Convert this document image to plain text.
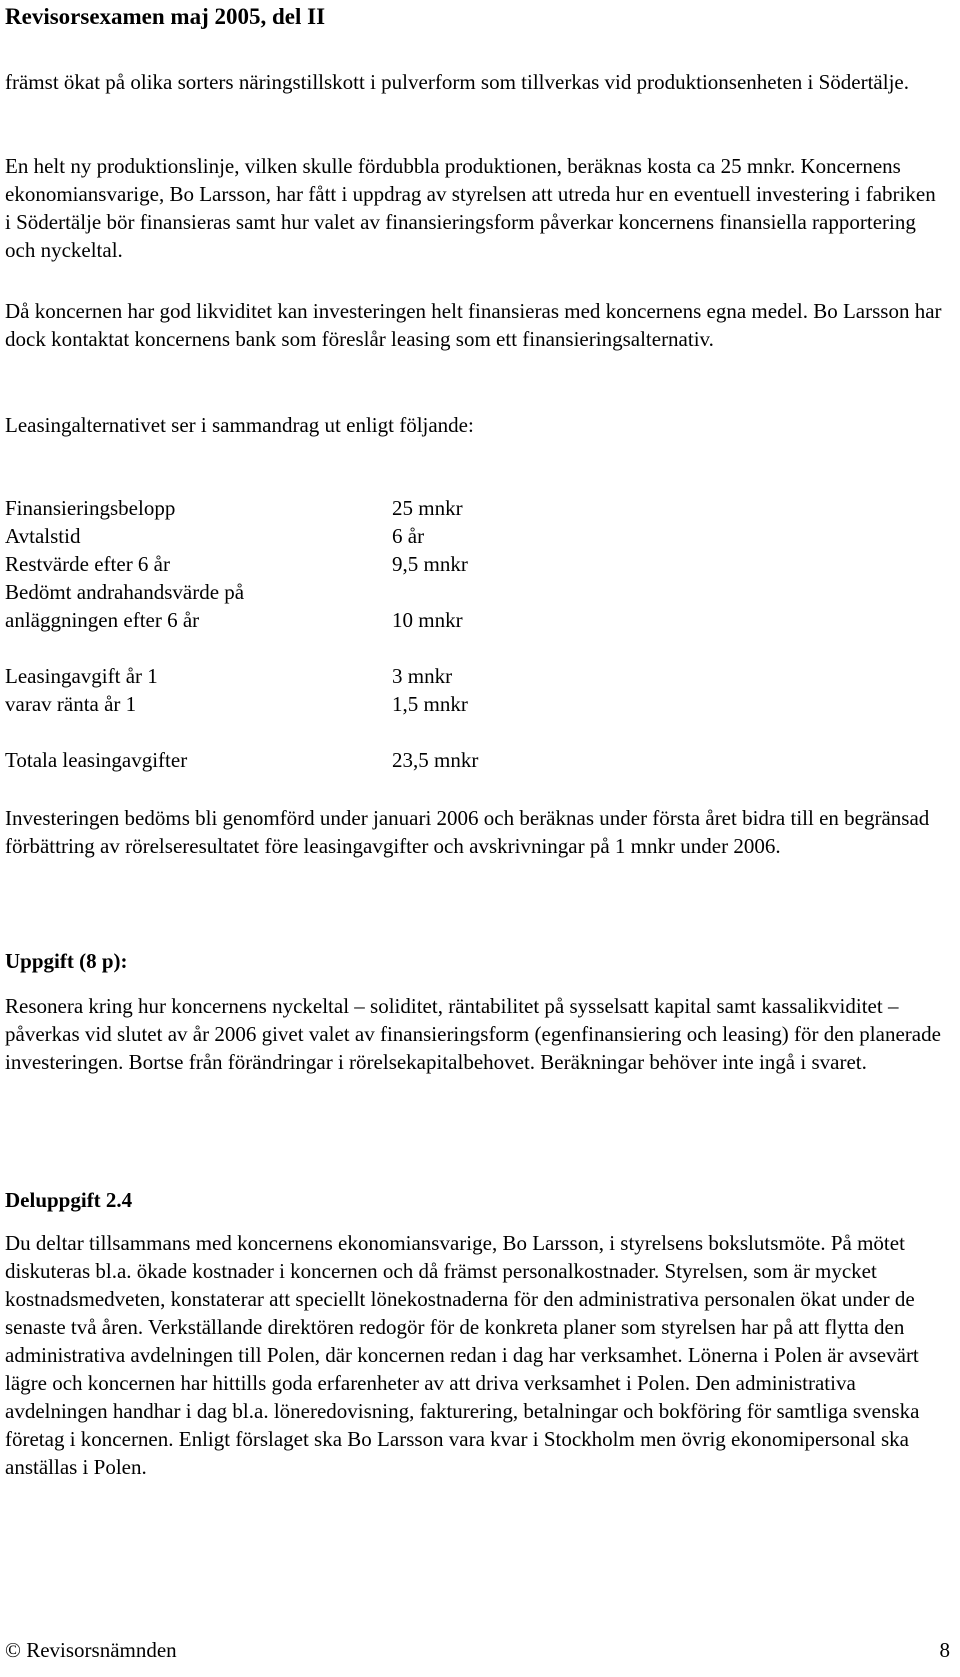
Revisorsexamen maj 2005, del II

främst ökat på olika sorters näringstillskott i pulverform som tillverkas vid produktionsenheten i Södertälje.

En helt ny produktionslinje, vilken skulle fördubbla produktionen, beräknas kosta ca 25 mnkr. Koncernens ekonomiansvarige, Bo Larsson, har fått i uppdrag av styrelsen att utreda hur en eventuell investering i fabriken i Södertälje bör finansieras samt hur valet av finansieringsform påverkar koncernens finansiella rapportering och nyckeltal.

Då koncernen har god likviditet kan investeringen helt finansieras med koncernens egna medel. Bo Larsson har dock kontaktat koncernens bank som föreslår leasing som ett finansieringsalternativ.

Leasingalternativet ser i sammandrag ut enligt följande:

Finansieringsbelopp	25 mnkr
Avtalstid	6 år
Restvärde efter 6 år	9,5 mnkr
Bedömt andrahandsvärde på
anläggningen efter 6 år	10 mnkr
Leasingavgift år 1	3 mnkr
varav ränta år 1	1,5 mnkr
Totala leasingavgifter	23,5 mnkr

Investeringen bedöms bli genomförd under januari 2006 och beräknas under första året bidra till en begränsad förbättring av rörelseresultatet före leasingavgifter och avskrivningar på 1 mnkr under 2006.

Uppgift (8 p):

Resonera kring hur koncernens nyckeltal – soliditet, räntabilitet på sysselsatt kapital samt kassalikviditet – påverkas vid slutet av år 2006 givet valet av finansieringsform (egenfinansiering och leasing) för den planerade investeringen. Bortse från förändringar i rörelsekapitalbehovet. Beräkningar behöver inte ingå i svaret.

Deluppgift 2.4

Du deltar tillsammans med koncernens ekonomiansvarige, Bo Larsson, i styrelsens bokslutsmöte. På mötet diskuteras bl.a. ökade kostnader i koncernen och då främst personalkostnader. Styrelsen, som är mycket kostnadsmedveten, konstaterar att speciellt lönekostnaderna för den administrativa personalen ökat under de senaste två åren. Verkställande direktören redogör för de konkreta planer som styrelsen har på att flytta den administrativa avdelningen till Polen, där koncernen redan i dag har verksamhet. Lönerna i Polen är avsevärt lägre och koncernen har hittills goda erfarenheter av att driva verksamhet i Polen. Den administrativa avdelningen handhar i dag bl.a. löneredovisning, fakturering, betalningar och bokföring för samtliga svenska företag i koncernen. Enligt förslaget ska Bo Larsson vara kvar i Stockholm men övrig ekonomipersonal ska anställas i Polen.

© Revisorsnämnden	8
